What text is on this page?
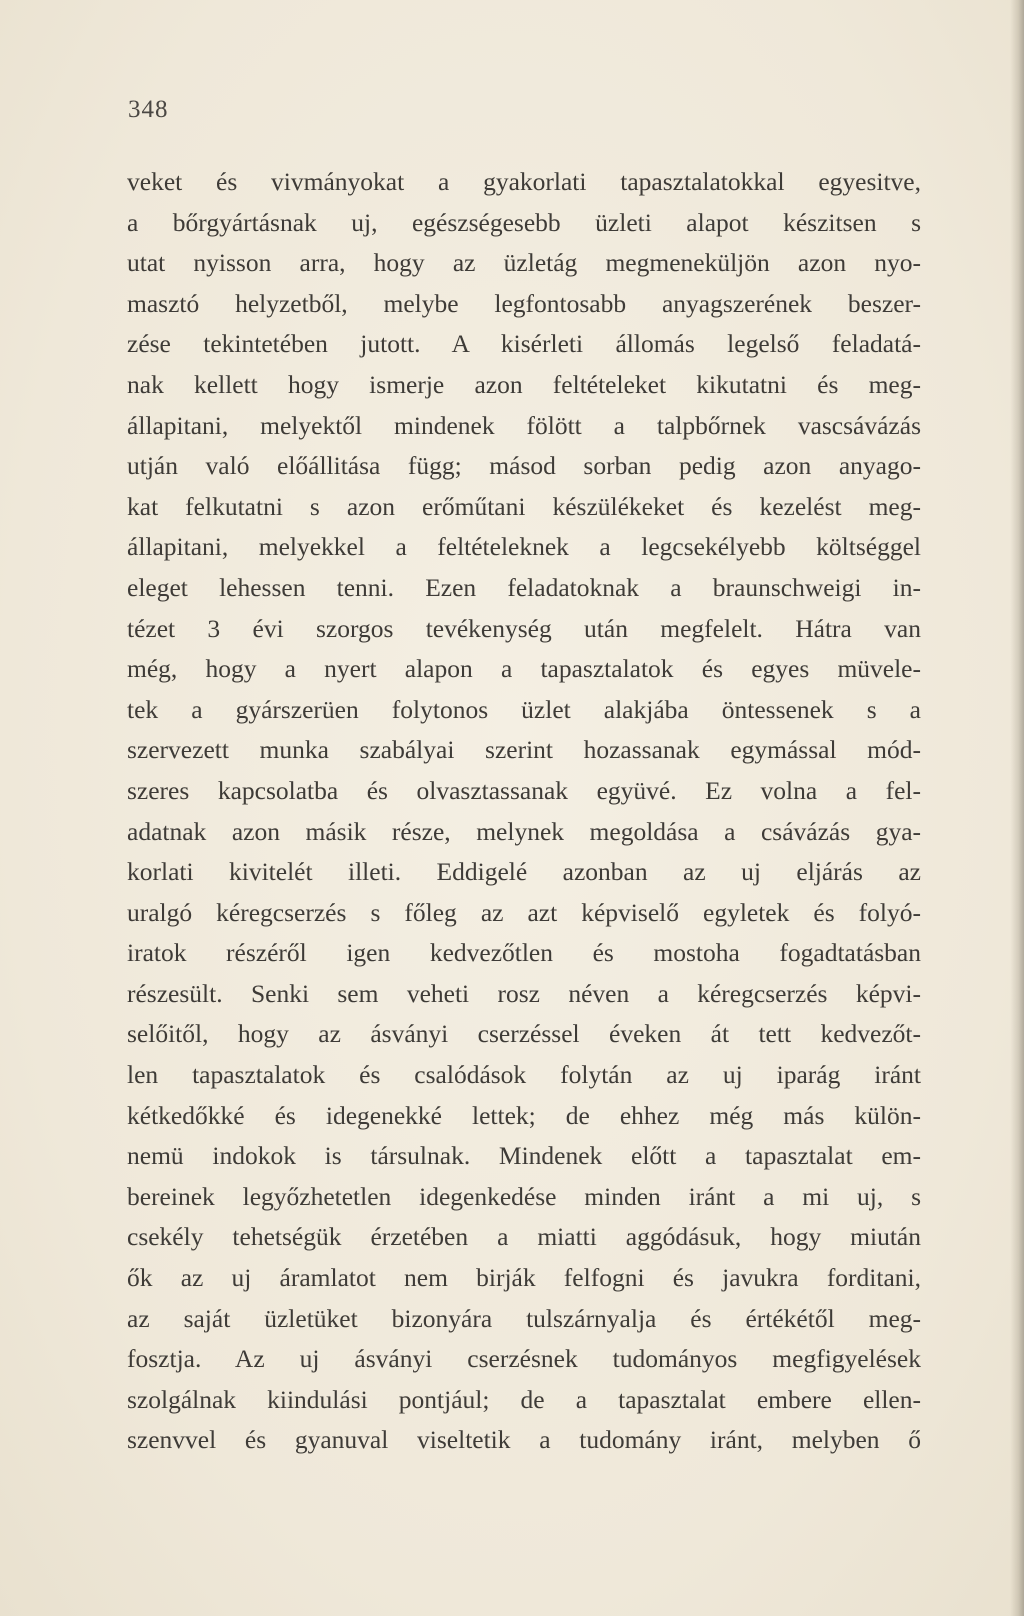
348
veket és vivmányokat a gyakorlati tapasztalatokkal egyesitve,
a bőrgyártásnak uj, egészségesebb üzleti alapot készitsen s
utat nyisson arra, hogy az üzletág megmeneküljön azon nyo-
masztó helyzetből, melybe legfontosabb anyagszerének beszer-
zése tekintetében jutott. A kisérleti állomás legelső feladatá-
nak kellett hogy ismerje azon feltételeket kikutatni és meg-
állapitani, melyektől mindenek fölött a talpbőrnek vascsávázás
utján való előállitása függ; másod sorban pedig azon anyago-
kat felkutatni s azon erőműtani készülékeket és kezelést meg-
állapitani, melyekkel a feltételeknek a legcsekélyebb költséggel
eleget lehessen tenni. Ezen feladatoknak a braunschweigi in-
tézet 3 évi szorgos tevékenység után megfelelt. Hátra van
még, hogy a nyert alapon a tapasztalatok és egyes müvele-
tek a gyárszerüen folytonos üzlet alakjába öntessenek s a
szervezett munka szabályai szerint hozassanak egymással mód-
szeres kapcsolatba és olvasztassanak együvé. Ez volna a fel-
adatnak azon másik része, melynek megoldása a csávázás gya-
korlati kivitelét illeti. Eddigelé azonban az uj eljárás az
uralgó kéregcserzés s főleg az azt képviselő egyletek és folyó-
iratok részéről igen kedvezőtlen és mostoha fogadtatásban
részesült. Senki sem veheti rosz néven a kéregcserzés képvi-
selőitől, hogy az ásványi cserzéssel éveken át tett kedvezőt-
len tapasztalatok és csalódások folytán az uj iparág iránt
kétkedőkké és idegenekké lettek; de ehhez még más külön-
nemü indokok is társulnak. Mindenek előtt a tapasztalat em-
bereinek legyőzhetetlen idegenkedése minden iránt a mi uj, s
csekély tehetségük érzetében a miatti aggódásuk, hogy miután
ők az uj áramlatot nem birják felfogni és javukra forditani,
az saját üzletüket bizonyára tulszárnyalja és értékétől meg-
fosztja. Az uj ásványi cserzésnek tudományos megfigyelések
szolgálnak kiindulási pontjául; de a tapasztalat embere ellen-
szenvvel és gyanuval viseltetik a tudomány iránt, melyben ő
